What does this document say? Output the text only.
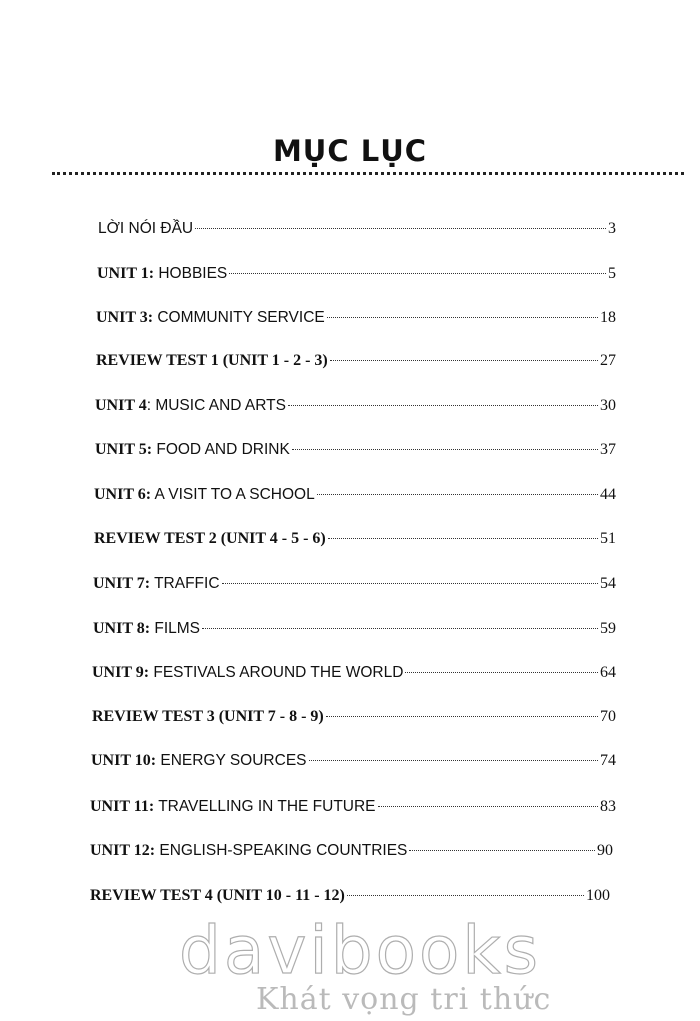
MỤC LỤC
LỜI NÓI ĐẦU	3
UNIT 1: HOBBIES	5
UNIT 3: COMMUNITY SERVICE	18
REVIEW TEST 1 (UNIT 1 - 2 - 3)	27
UNIT 4: MUSIC AND ARTS	30
UNIT 5: FOOD AND DRINK	37
UNIT 6: A VISIT TO A SCHOOL	44
REVIEW TEST 2 (UNIT 4 - 5 - 6)	51
UNIT 7: TRAFFIC	54
UNIT 8: FILMS	59
UNIT 9: FESTIVALS AROUND THE WORLD	64
REVIEW TEST 3 (UNIT 7 - 8 - 9)	70
UNIT 10: ENERGY SOURCES	74
UNIT 11: TRAVELLING IN THE FUTURE	83
UNIT 12: ENGLISH-SPEAKING COUNTRIES	90
REVIEW TEST 4 (UNIT 10 - 11 - 12)	100
davibooks
Khát vọng tri thức
